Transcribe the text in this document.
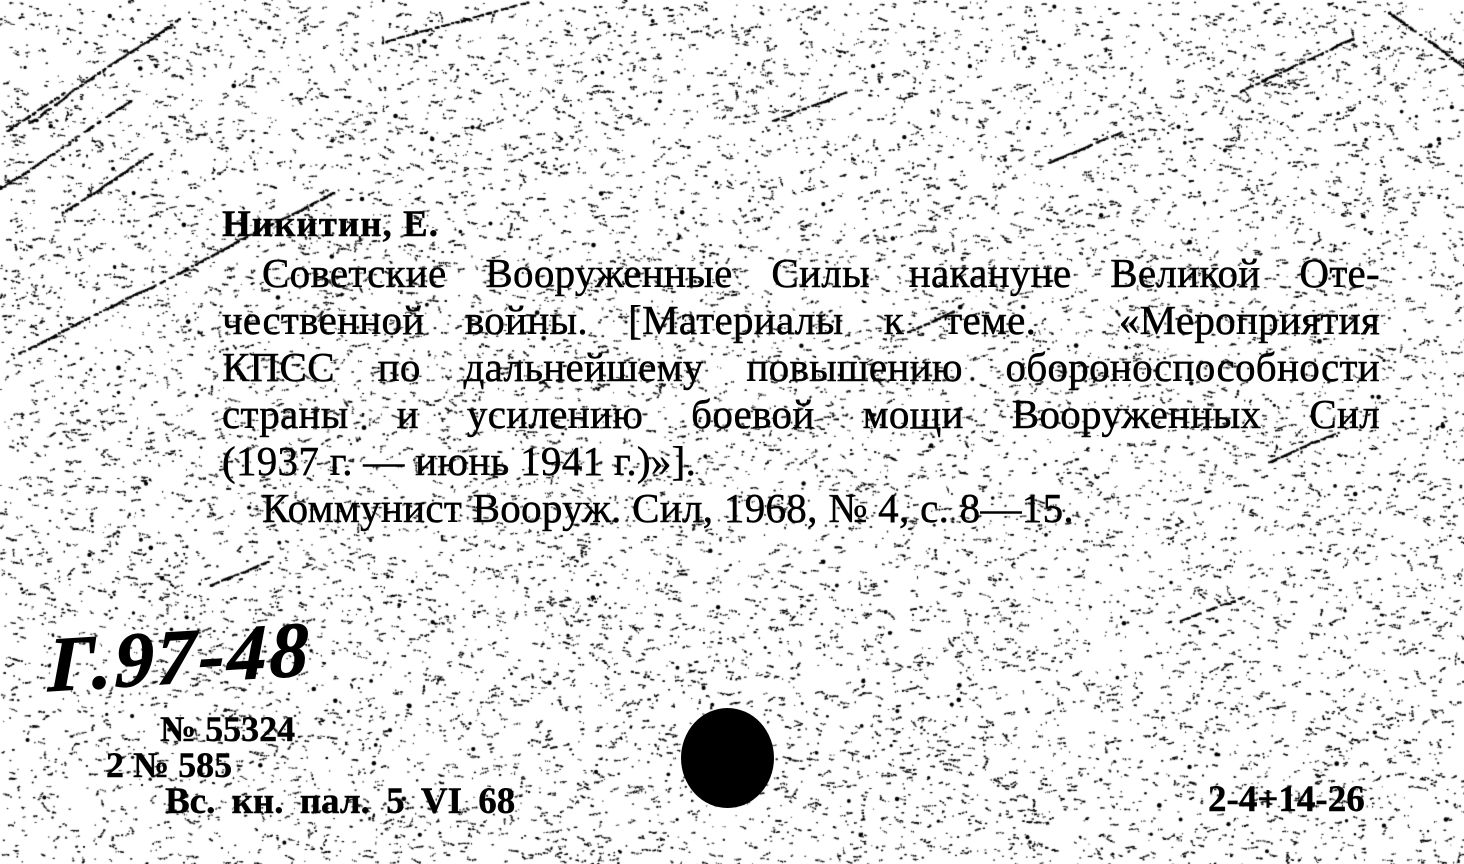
Никитин, Е.
Советские Вооруженные Силы накануне Великой Оте-
чественной войны. [Материалы к теме.  «Мероприятия
КПСС по дальнейшему повышению обороноспособности
страны и усилению боевой мощи Вооруженных Сил
(1937 г. — июнь 1941 г.)»].
Коммунист Вооруж. Сил, 1968, № 4, с. 8—15.
Г.97-48
№ 55324
2 № 585
Вс. кн. пал. 5 VI 68	2-4+14-26
